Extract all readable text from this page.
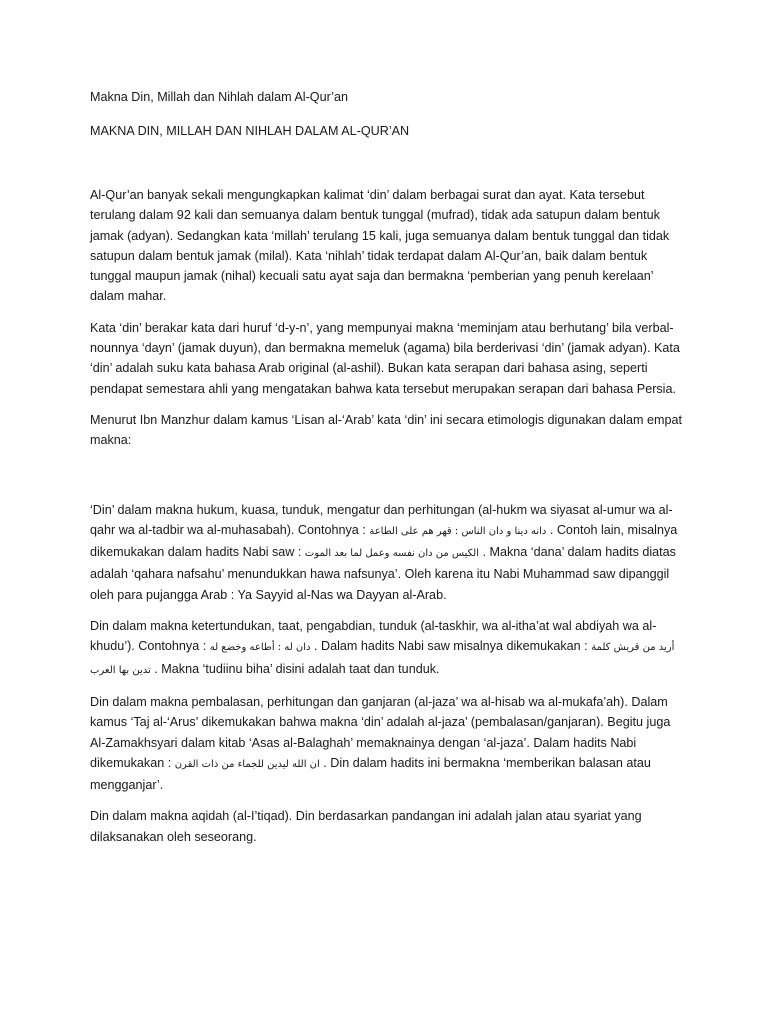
Makna Din, Millah dan Nihlah dalam Al-Qur’an

MAKNA DIN, MILLAH DAN NIHLAH DALAM AL-QUR’AN

Al-Qur’an banyak sekali mengungkapkan kalimat ‘din’ dalam berbagai surat dan ayat. Kata tersebut terulang dalam 92 kali dan semuanya dalam bentuk tunggal (mufrad), tidak ada satupun dalam bentuk jamak (adyan). Sedangkan kata ‘millah’ terulang 15 kali, juga semuanya dalam bentuk tunggal dan tidak satupun dalam bentuk jamak (milal). Kata ‘nihlah’ tidak terdapat dalam Al-Qur’an, baik dalam bentuk tunggal maupun jamak (nihal) kecuali satu ayat saja dan bermakna ‘pemberian yang penuh kerelaan’ dalam mahar.

Kata ‘din’ berakar kata dari huruf ‘d-y-n’, yang mempunyai makna ‘meminjam atau berhutang’ bila verbal-nounnya ‘dayn’ (jamak duyun), dan bermakna memeluk (agama) bila berderivasi ‘din’ (jamak adyan). Kata ‘din’ adalah suku kata bahasa Arab original (al-ashil). Bukan kata serapan dari bahasa asing, seperti pendapat semestara ahli yang mengatakan bahwa kata tersebut merupakan serapan dari bahasa Persia.

Menurut Ibn Manzhur dalam kamus ‘Lisan al-‘Arab’ kata ‘din’ ini secara etimologis digunakan dalam empat makna:

‘Din’ dalam makna hukum, kuasa, tunduk, mengatur dan perhitungan (al-hukm wa siyasat al-umur wa al-qahr wa al-tadbir wa al-muhasabah). Contohnya : دانه دينا و دان الناس : قهر هم على الطاعة . Contoh lain, misalnya dikemukakan dalam hadits Nabi saw : الكيس من دان نفسه وعمل لما بعد الموت . Makna ‘dana’ dalam hadits diatas adalah ‘qahara nafsahu’ menundukkan hawa nafsunya’. Oleh karena itu Nabi Muhammad saw dipanggil oleh para pujangga Arab : Ya Sayyid al-Nas wa Dayyan al-Arab.

Din dalam makna ketertundukan, taat, pengabdian, tunduk (al-taskhir, wa al-itha’at wal abdiyah wa al-khudu’). Contohnya : دان له : أطاعه وخضع له . Dalam hadits Nabi saw misalnya dikemukakan : أريد من قريش كلمة تدين بها العرب . Makna ‘tudiinu biha’ disini adalah taat dan tunduk.

Din dalam makna pembalasan, perhitungan dan ganjaran (al-jaza’ wa al-hisab wa al-mukafa’ah). Dalam kamus ‘Taj al-‘Arus’ dikemukakan bahwa makna ‘din’ adalah al-jaza’ (pembalasan/ganjaran). Begitu juga Al-Zamakhsyari dalam kitab ‘Asas al-Balaghah’ memaknainya dengan ‘al-jaza’. Dalam hadits Nabi dikemukakan : ان الله ليدين للجماء من ذات القرن . Din dalam hadits ini bermakna ‘memberikan balasan atau mengganjar’.

Din dalam makna aqidah (al-I’tiqad). Din berdasarkan pandangan ini adalah jalan atau syariat yang dilaksanakan oleh seseorang.
